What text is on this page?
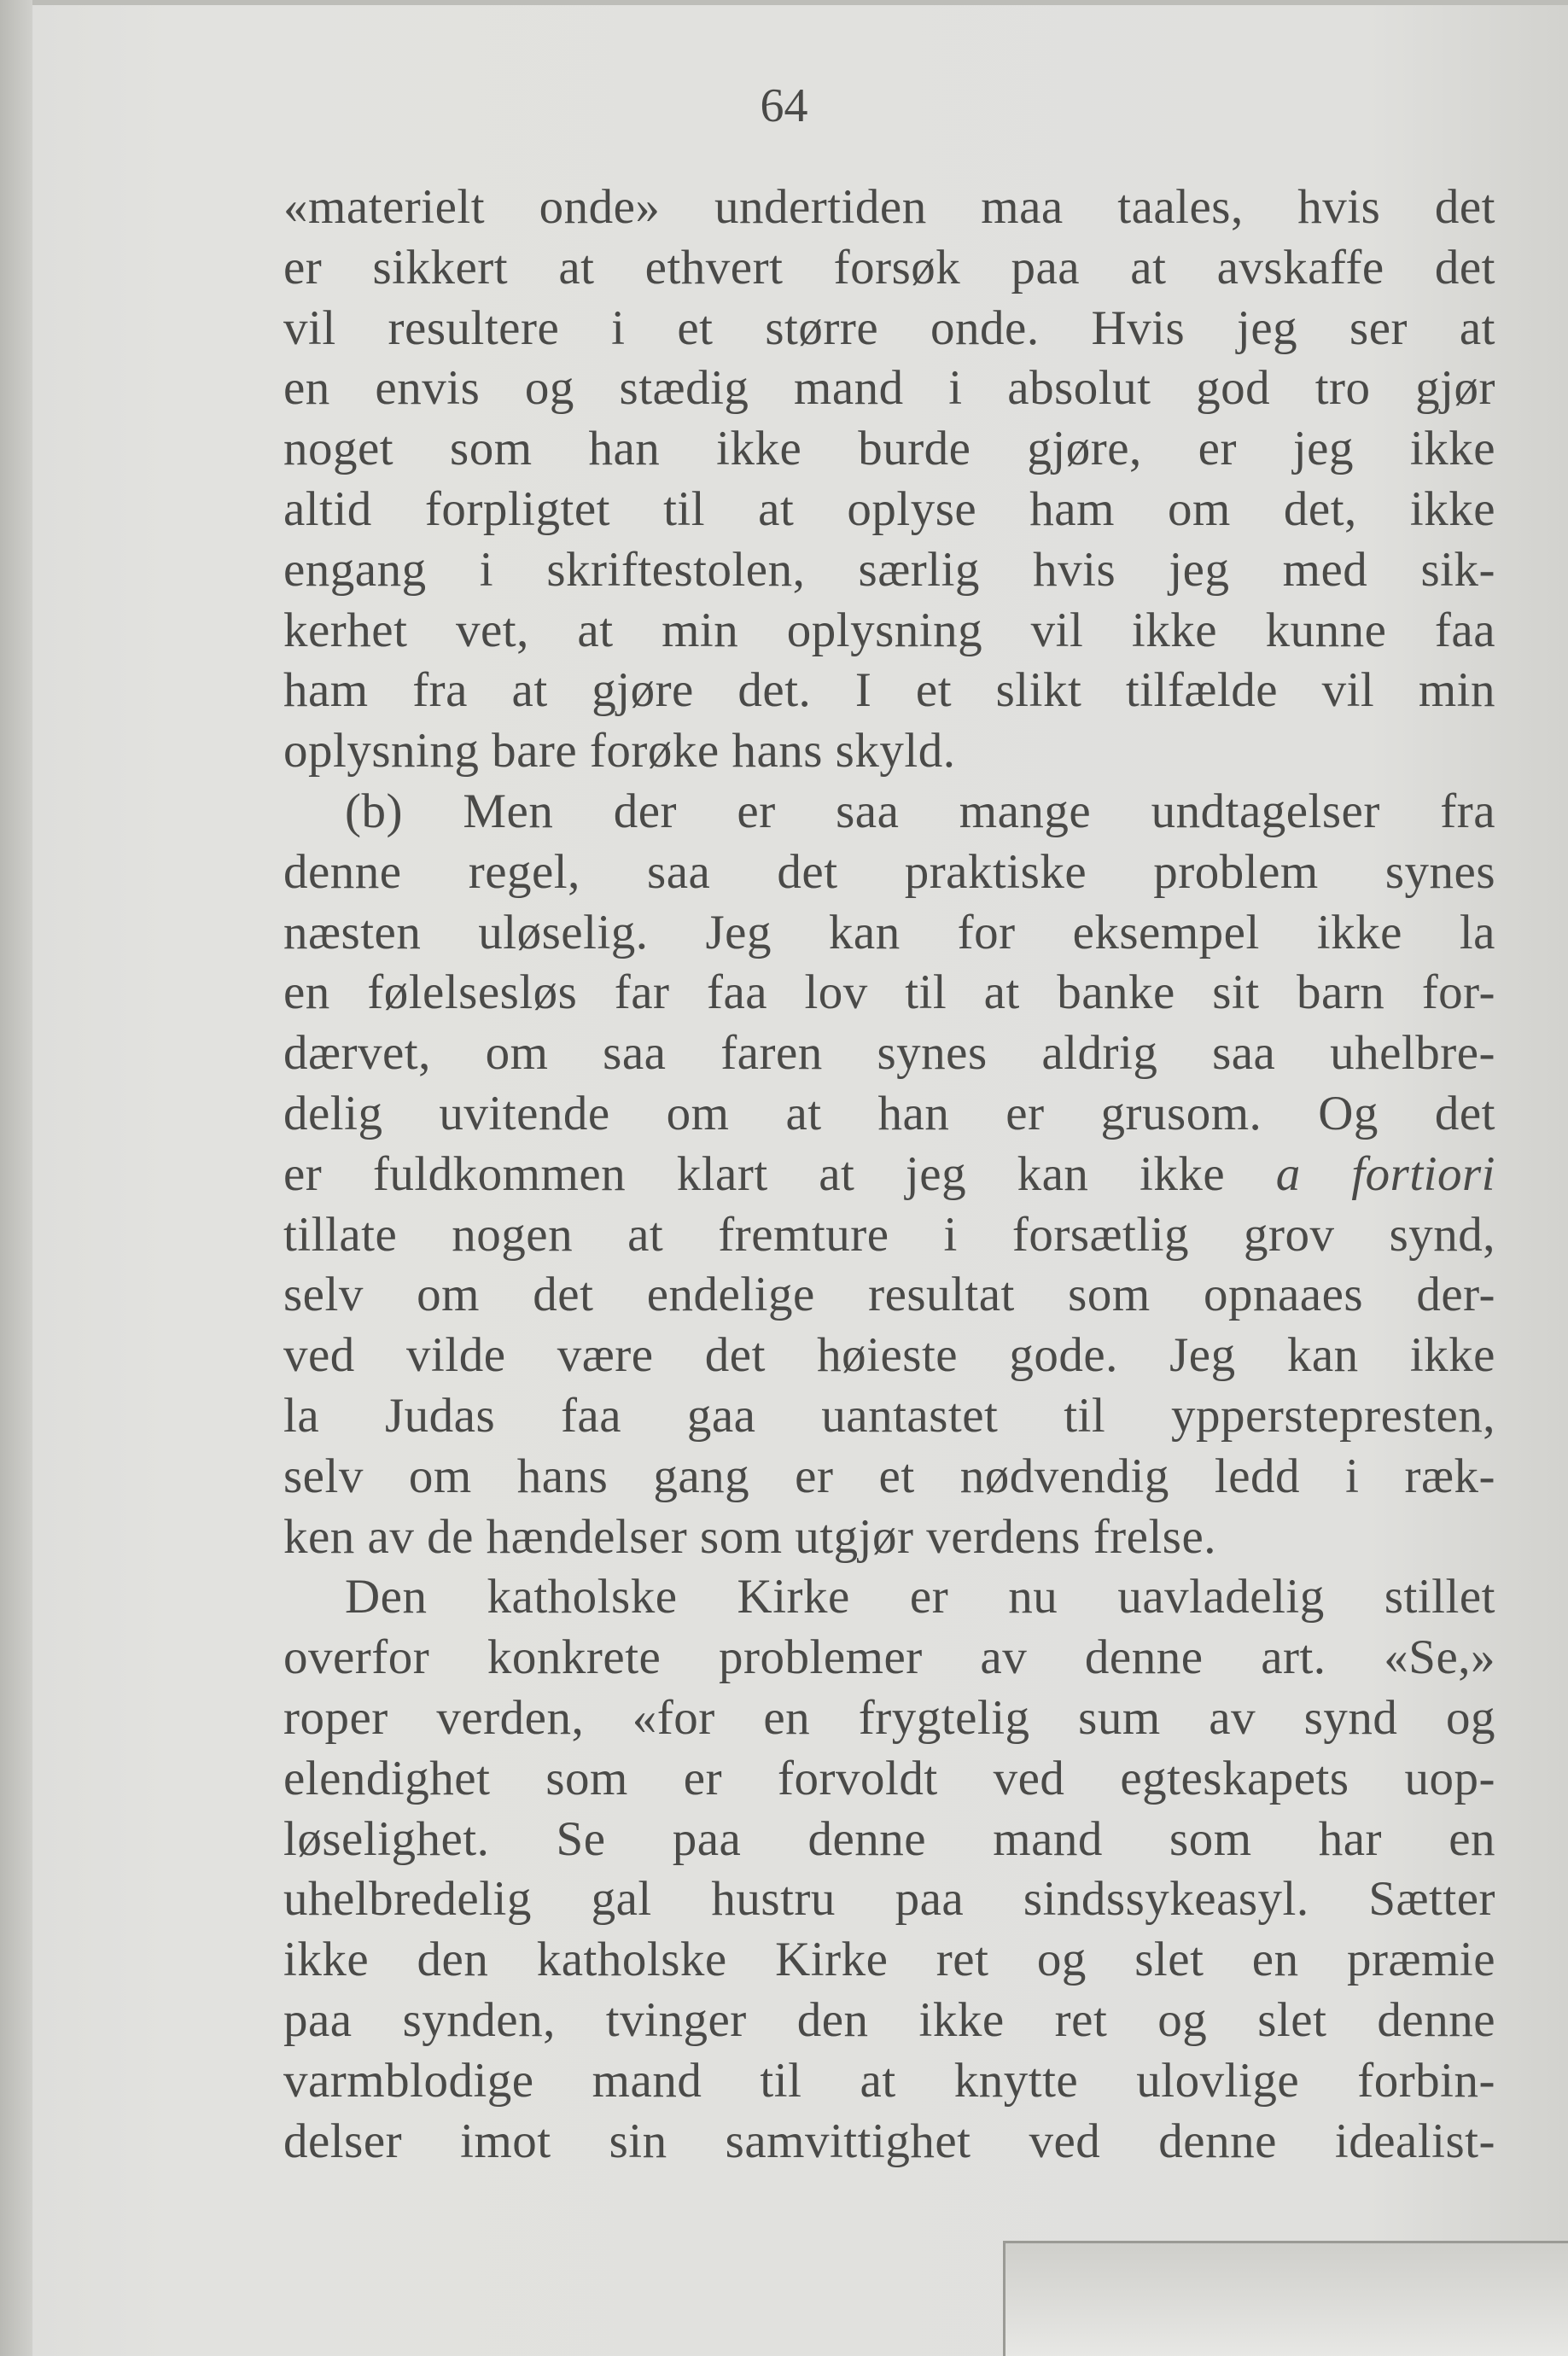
64
«materielt onde» undertiden maa taales, hvis det
er sikkert at ethvert forsøk paa at avskaffe det
vil resultere i et større onde. Hvis jeg ser at
en envis og stædig mand i absolut god tro gjør
noget som han ikke burde gjøre, er jeg ikke
altid forpligtet til at oplyse ham om det, ikke
engang i skriftestolen, særlig hvis jeg med sik-
kerhet vet, at min oplysning vil ikke kunne faa
ham fra at gjøre det. I et slikt tilfælde vil min
oplysning bare forøke hans skyld.
(b) Men der er saa mange undtagelser fra
denne regel, saa det praktiske problem synes
næsten uløselig. Jeg kan for eksempel ikke la
en følelsesløs far faa lov til at banke sit barn for-
dærvet, om saa faren synes aldrig saa uhelbre-
delig uvitende om at han er grusom. Og det
er fuldkommen klart at jeg kan ikke a fortiori
tillate nogen at fremture i forsætlig grov synd,
selv om det endelige resultat som opnaaes der-
ved vilde være det høieste gode. Jeg kan ikke
la Judas faa gaa uantastet til ypperstepresten,
selv om hans gang er et nødvendig ledd i ræk-
ken av de hændelser som utgjør verdens frelse.
Den katholske Kirke er nu uavladelig stillet
overfor konkrete problemer av denne art. «Se,»
roper verden, «for en frygtelig sum av synd og
elendighet som er forvoldt ved egteskapets uop-
løselighet. Se paa denne mand som har en
uhelbredelig gal hustru paa sindssykeasyl. Sætter
ikke den katholske Kirke ret og slet en præmie
paa synden, tvinger den ikke ret og slet denne
varmblodige mand til at knytte ulovlige forbin-
delser imot sin samvittighet ved denne idealist-
